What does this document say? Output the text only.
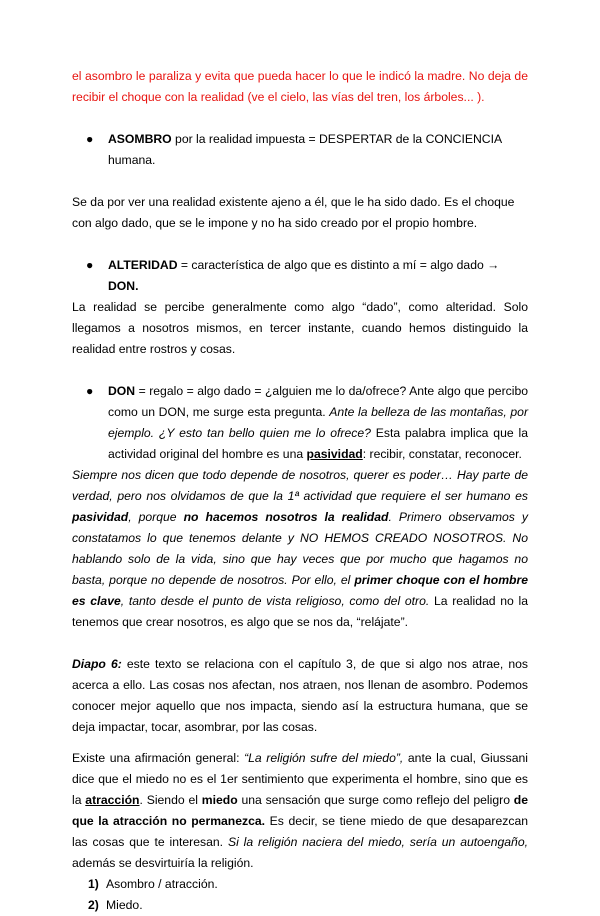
el asombro le paraliza y evita que pueda hacer lo que le indicó la madre. No deja de recibir el choque con la realidad (ve el cielo, las vías del tren, los árboles... ).

● ASOMBRO por la realidad impuesta = DESPERTAR de la CONCIENCIA humana.

Se da por ver una realidad existente ajeno a él, que le ha sido dado. Es el choque con algo dado, que se le impone y no ha sido creado por el propio hombre.

● ALTERIDAD = característica de algo que es distinto a mí = algo dado → DON.

La realidad se percibe generalmente como algo “dado”, como alteridad. Solo llegamos a nosotros mismos, en tercer instante, cuando hemos distinguido la realidad entre rostros y cosas.

● DON = regalo = algo dado = ¿alguien me lo da/ofrece? Ante algo que percibo como un DON, me surge esta pregunta. Ante la belleza de las montañas, por ejemplo. ¿Y esto tan bello quien me lo ofrece? Esta palabra implica que la actividad original del hombre es una pasividad: recibir, constatar, reconocer.

Siempre nos dicen que todo depende de nosotros, querer es poder… Hay parte de verdad, pero nos olvidamos de que la 1ª actividad que requiere el ser humano es pasividad, porque no hacemos nosotros la realidad. Primero observamos y constatamos lo que tenemos delante y NO HEMOS CREADO NOSOTROS. No hablando solo de la vida, sino que hay veces que por mucho que hagamos no basta, porque no depende de nosotros. Por ello, el primer choque con el hombre es clave, tanto desde el punto de vista religioso, como del otro. La realidad no la tenemos que crear nosotros, es algo que se nos da, “relájate”.

Diapo 6: este texto se relaciona con el capítulo 3, de que si algo nos atrae, nos acerca a ello. Las cosas nos afectan, nos atraen, nos llenan de asombro. Podemos conocer mejor aquello que nos impacta, siendo así la estructura humana, que se deja impactar, tocar, asombrar, por las cosas.

Existe una afirmación general: “La religión sufre del miedo”, ante la cual, Giussani dice que el miedo no es el 1er sentimiento que experimenta el hombre, sino que es la atracción. Siendo el miedo una sensación que surge como reflejo del peligro de que la atracción no permanezca. Es decir, se tiene miedo de que desaparezcan las cosas que te interesan. Si la religión naciera del miedo, sería un autoengaño, además se desvirtuiría la religión.

1) Asombro / atracción.

2) Miedo.
